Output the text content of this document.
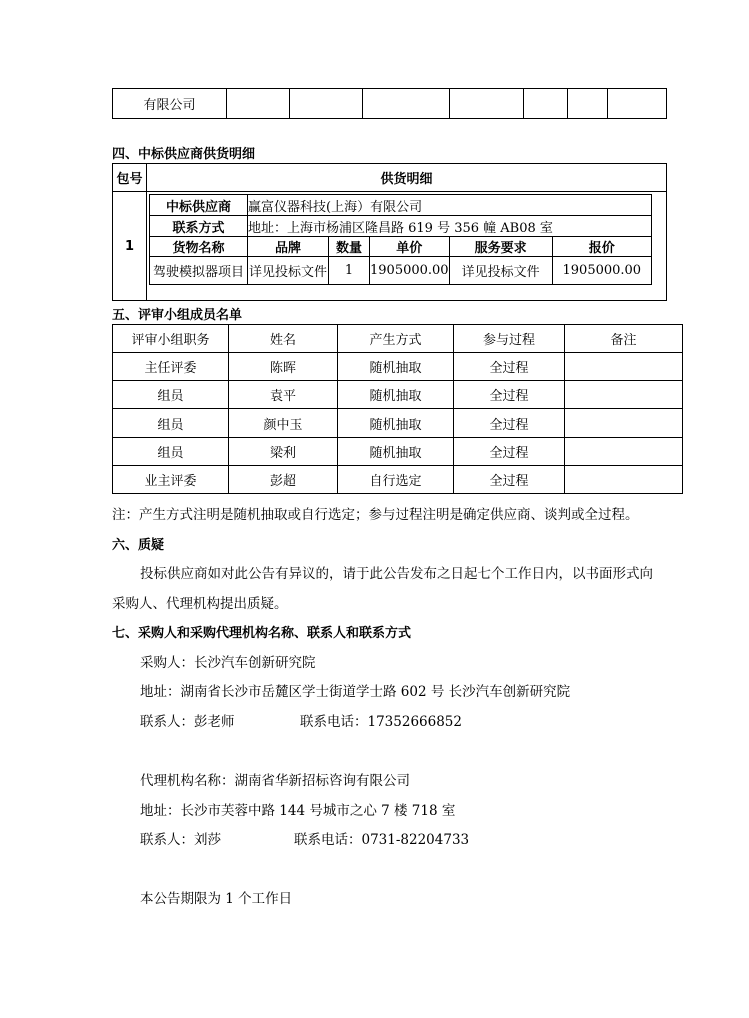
有限公司							
四、中标供应商供货明细
包号	供货明细
1	
中标供应商	赢富仪器科技(上海）有限公司
联系方式	地址：上海市杨浦区隆昌路 619 号 356 幢 AB08 室
货物名称	品牌	数量	单价	服务要求	报价
驾驶模拟器项目	详见投标文件	1	1905000.00	详见投标文件	1905000.00
五、评审小组成员名单
评审小组职务	姓名	产生方式	参与过程	备注
主任评委	陈晖	随机抽取	全过程	
组员	袁平	随机抽取	全过程	
组员	颜中玉	随机抽取	全过程	
组员	梁利	随机抽取	全过程	
业主评委	彭超	自行选定	全过程	
注：产生方式注明是随机抽取或自行选定；参与过程注明是确定供应商、谈判或全过程。
六、质疑
投标供应商如对此公告有异议的，请于此公告发布之日起七个工作日内，以书面形式向
采购人、代理机构提出质疑。
七、采购人和采购代理机构名称、联系人和联系方式
采购人：长沙汽车创新研究院
地址：湖南省长沙市岳麓区学士街道学士路 602 号 长沙汽车创新研究院
联系人：彭老师	联系电话：17352666852
代理机构名称：湖南省华新招标咨询有限公司
地址：长沙市芙蓉中路 144 号城市之心 7 楼 718 室
联系人：刘莎	联系电话：0731-82204733
本公告期限为 1 个工作日
